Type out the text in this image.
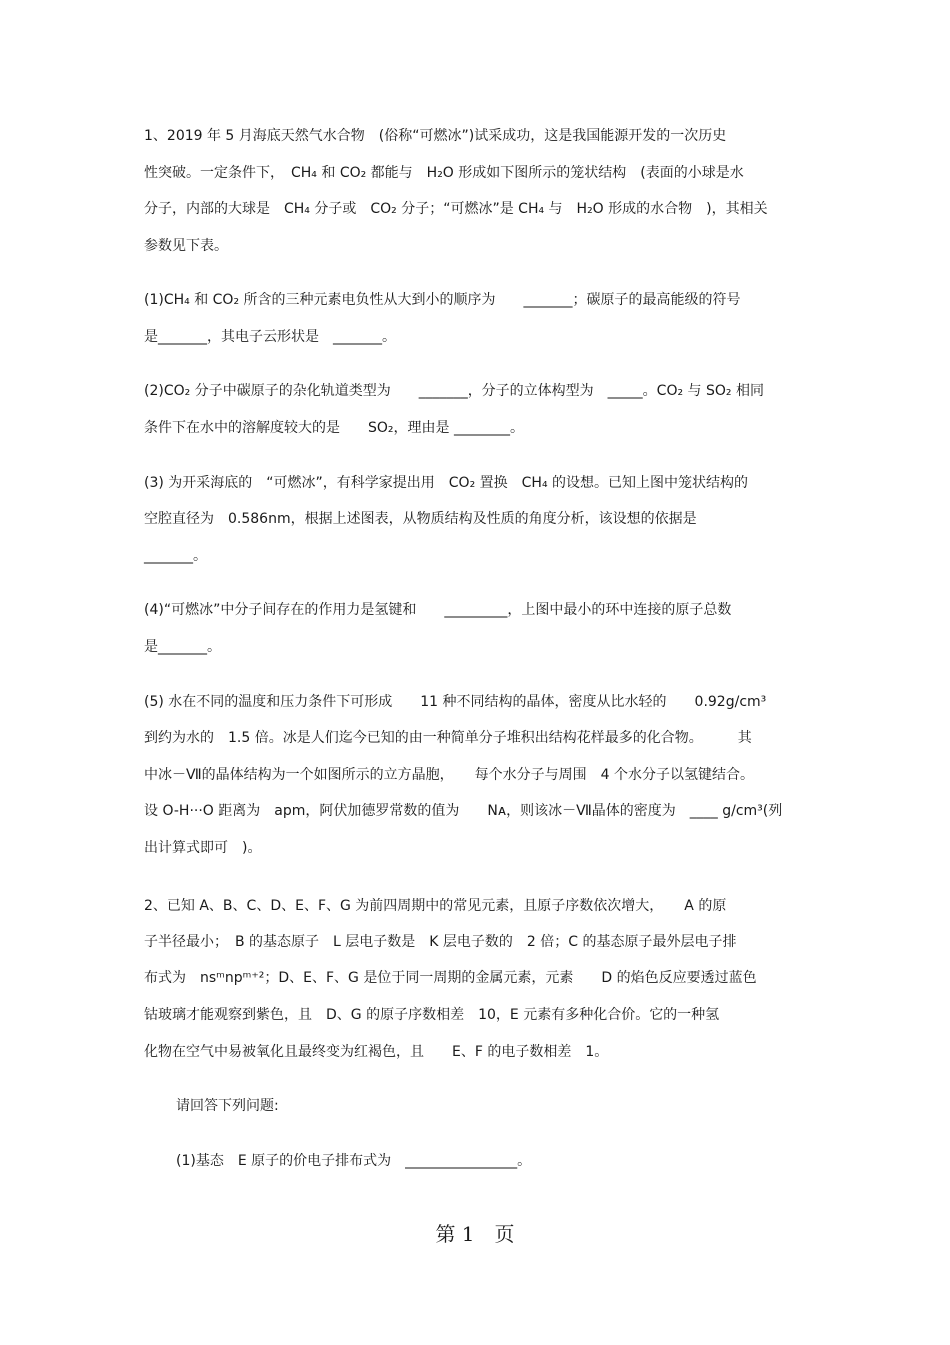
1、2019 年 5 月海底天然气水合物　(俗称“可燃冰”)试采成功，这是我国能源开发的一次历史
性突破。一定条件下，　CH₄ 和 CO₂ 都能与　H₂O 形成如下图所示的笼状结构　(表面的小球是水
分子，内部的大球是　CH₄ 分子或　CO₂ 分子；“可燃冰”是 CH₄ 与　H₂O 形成的水合物　)，其相关
参数见下表。
(1)CH₄ 和 CO₂ 所含的三种元素电负性从大到小的顺序为　　_______；碳原子的最高能级的符号
是_______，其电子云形状是　_______。
(2)CO₂ 分子中碳原子的杂化轨道类型为　　_______，分子的立体构型为　_____。CO₂ 与 SO₂ 相同
条件下在水中的溶解度较大的是　　SO₂，理由是 ________。
(3) 为开采海底的　“可燃冰”，有科学家提出用　CO₂ 置换　CH₄ 的设想。已知上图中笼状结构的
空腔直径为　0.586nm，根据上述图表，从物质结构及性质的角度分析，该设想的依据是
_______。
(4)“可燃冰”中分子间存在的作用力是氢键和　　_________，上图中最小的环中连接的原子总数
是_______。
(5) 水在不同的温度和压力条件下可形成　　11 种不同结构的晶体，密度从比水轻的　　0.92g/cm³
到约为水的　1.5 倍。冰是人们迄今已知的由一种简单分子堆积出结构花样最多的化合物。　　　其
中冰－Ⅶ的晶体结构为一个如图所示的立方晶胞，　　每个水分子与周围　4 个水分子以氢键结合。
设 O-H···O 距离为　apm，阿伏加德罗常数的值为　　Nᴀ，则该冰－Ⅶ晶体的密度为　____ g/cm³(列
出计算式即可　)。
2、已知 A、B、C、D、E、F、G 为前四周期中的常见元素，且原子序数依次增大，　　A 的原
子半径最小；　B 的基态原子　L 层电子数是　K 层电子数的　2 倍；C 的基态原子最外层电子排
布式为　nsᵐnpᵐ⁺²；D、E、F、G 是位于同一周期的金属元素，元素　　D 的焰色反应要透过蓝色
钴玻璃才能观察到紫色，且　D、G 的原子序数相差　10，E 元素有多种化合价。它的一种氢
化物在空气中易被氧化且最终变为红褐色，且　　E、F 的电子数相差　1。
请回答下列问题:
(1)基态　E 原子的价电子排布式为　________________。
第 1　页
